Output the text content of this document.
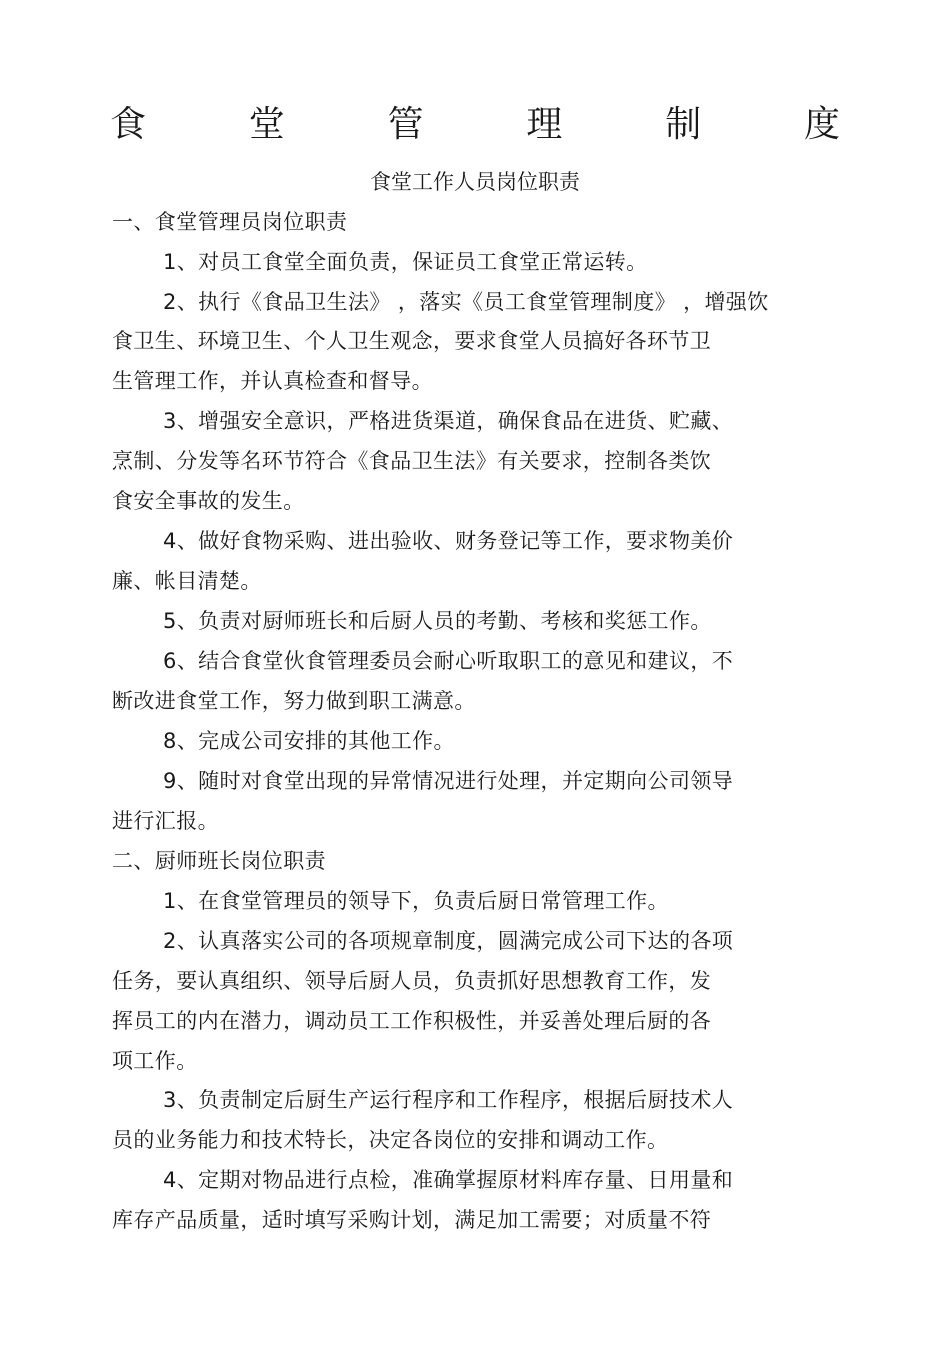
食	堂	管	理	制	度
食堂工作人员岗位职责
一、食堂管理员岗位职责
1、对员工食堂全面负责，保证员工食堂正常运转。
2、执行《食品卫生法》 ，落实《员工食堂管理制度》 ，增强饮
食卫生、环境卫生、个人卫生观念，要求食堂人员搞好各环节卫
生管理工作，并认真检查和督导。
3、增强安全意识，严格进货渠道，确保食品在进货、贮藏、
烹制、分发等名环节符合《食品卫生法》有关要求，控制各类饮
食安全事故的发生。
4、做好食物采购、进出验收、财务登记等工作，要求物美价
廉、帐目清楚。
5、负责对厨师班长和后厨人员的考勤、考核和奖惩工作。
6、结合食堂伙食管理委员会耐心听取职工的意见和建议，不
断改进食堂工作，努力做到职工满意。
8、完成公司安排的其他工作。
9、随时对食堂出现的异常情况进行处理，并定期向公司领导
进行汇报。
二、厨师班长岗位职责
1、在食堂管理员的领导下，负责后厨日常管理工作。
2、认真落实公司的各项规章制度，圆满完成公司下达的各项
任务，要认真组织、领导后厨人员，负责抓好思想教育工作，发
挥员工的内在潜力，调动员工工作积极性，并妥善处理后厨的各
项工作。
3、负责制定后厨生产运行程序和工作程序，根据后厨技术人
员的业务能力和技术特长，决定各岗位的安排和调动工作。
4、定期对物品进行点检，准确掌握原材料库存量、日用量和
库存产品质量，适时填写采购计划，满足加工需要；对质量不符
